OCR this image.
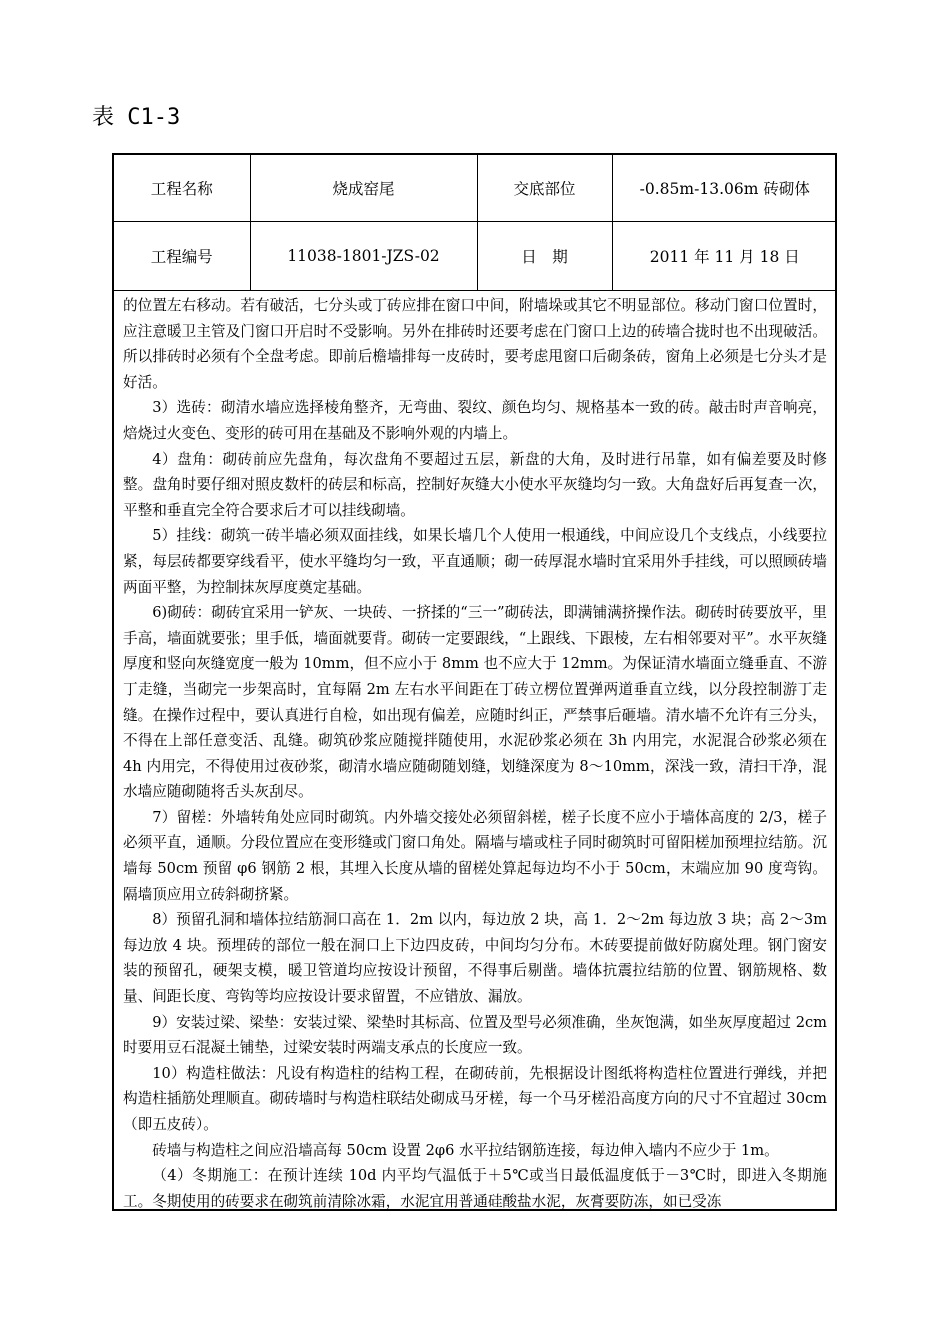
表 C1-3
工程名称	烧成窑尾	交底部位	-0.85m-13.06m 砖砌体
工程编号	11038-1801-JZS-02	日　期	2011 年 11 月 18 日

的位置左右移动。若有破活，七分头或丁砖应排在窗口中间，附墙垛或其它不明显部位。移动门窗口位置时，应注意暖卫主管及门窗口开启时不受影响。另外在排砖时还要考虑在门窗口上边的砖墙合拢时也不出现破活。所以排砖时必须有个全盘考虑。即前后檐墙排每一皮砖时，要考虑甩窗口后砌条砖，窗角上必须是七分头才是好活。

3）选砖：砌清水墙应选择棱角整齐，无弯曲、裂纹、颜色均匀、规格基本一致的砖。敲击时声音响亮，焙烧过火变色、变形的砖可用在基础及不影响外观的内墙上。

4）盘角：砌砖前应先盘角，每次盘角不要超过五层，新盘的大角，及时进行吊靠，如有偏差要及时修整。盘角时要仔细对照皮数杆的砖层和标高，控制好灰缝大小使水平灰缝均匀一致。大角盘好后再复查一次，平整和垂直完全符合要求后才可以挂线砌墙。

5）挂线：砌筑一砖半墙必须双面挂线，如果长墙几个人使用一根通线，中间应设几个支线点，小线要拉紧，每层砖都要穿线看平，使水平缝均匀一致，平直通顺；砌一砖厚混水墙时宜采用外手挂线，可以照顾砖墙两面平整，为控制抹灰厚度奠定基础。

6)砌砖：砌砖宜采用一铲灰、一块砖、一挤揉的“三一”砌砖法，即满铺满挤操作法。砌砖时砖要放平，里手高，墙面就要张；里手低，墙面就要背。砌砖一定要跟线，“上跟线、下跟棱，左右相邻要对平”。水平灰缝厚度和竖向灰缝宽度一般为 10mm，但不应小于 8mm 也不应大于 12mm。为保证清水墙面立缝垂直、不游丁走缝，当砌完一步架高时，宜每隔 2m 左右水平间距在丁砖立楞位置弹两道垂直立线，以分段控制游丁走缝。在操作过程中，要认真进行自检，如出现有偏差，应随时纠正，严禁事后砸墙。清水墙不允许有三分头，不得在上部任意变活、乱缝。砌筑砂浆应随搅拌随使用，水泥砂浆必须在 3h 内用完，水泥混合砂浆必须在 4h 内用完，不得使用过夜砂浆，砌清水墙应随砌随划缝，划缝深度为 8～10mm，深浅一致，清扫干净，混水墙应随砌随将舌头灰刮尽。

7）留槎：外墙转角处应同时砌筑。内外墙交接处必须留斜槎，槎子长度不应小于墙体高度的 2/3，槎子必须平直，通顺。分段位置应在变形缝或门窗口角处。隔墙与墙或柱子同时砌筑时可留阳槎加预埋拉结筋。沉墙每 50cm 预留 φ6 钢筋 2 根，其埋入长度从墙的留槎处算起每边均不小于 50cm，末端应加 90 度弯钩。隔墙顶应用立砖斜砌挤紧。

8）预留孔洞和墙体拉结筋洞口高在 1．2m 以内，每边放 2 块，高 1．2～2m 每边放 3 块；高 2～3m 每边放 4 块。预埋砖的部位一般在洞口上下边四皮砖，中间均匀分布。木砖要提前做好防腐处理。钢门窗安装的预留孔，硬架支模，暖卫管道均应按设计预留，不得事后剔凿。墙体抗震拉结筋的位置、钢筋规格、数量、间距长度、弯钩等均应按设计要求留置，不应错放、漏放。

9）安装过梁、梁垫：安装过梁、梁垫时其标高、位置及型号必须准确，坐灰饱满，如坐灰厚度超过 2cm 时要用豆石混凝土铺垫，过梁安装时两端支承点的长度应一致。

10）构造柱做法：凡设有构造柱的结构工程，在砌砖前，先根据设计图纸将构造柱位置进行弹线，并把构造柱插筋处理顺直。砌砖墙时与构造柱联结处砌成马牙槎，每一个马牙槎沿高度方向的尺寸不宜超过 30cm（即五皮砖）。

砖墙与构造柱之间应沿墙高每 50cm 设置 2φ6 水平拉结钢筋连接，每边伸入墙内不应少于 1m。

（4）冬期施工：在预计连续 10d 内平均气温低于＋5℃或当日最低温度低于－3℃时，即进入冬期施工。冬期使用的砖要求在砌筑前清除冰霜，水泥宜用普通硅酸盐水泥，灰膏要防冻，如已受冻
